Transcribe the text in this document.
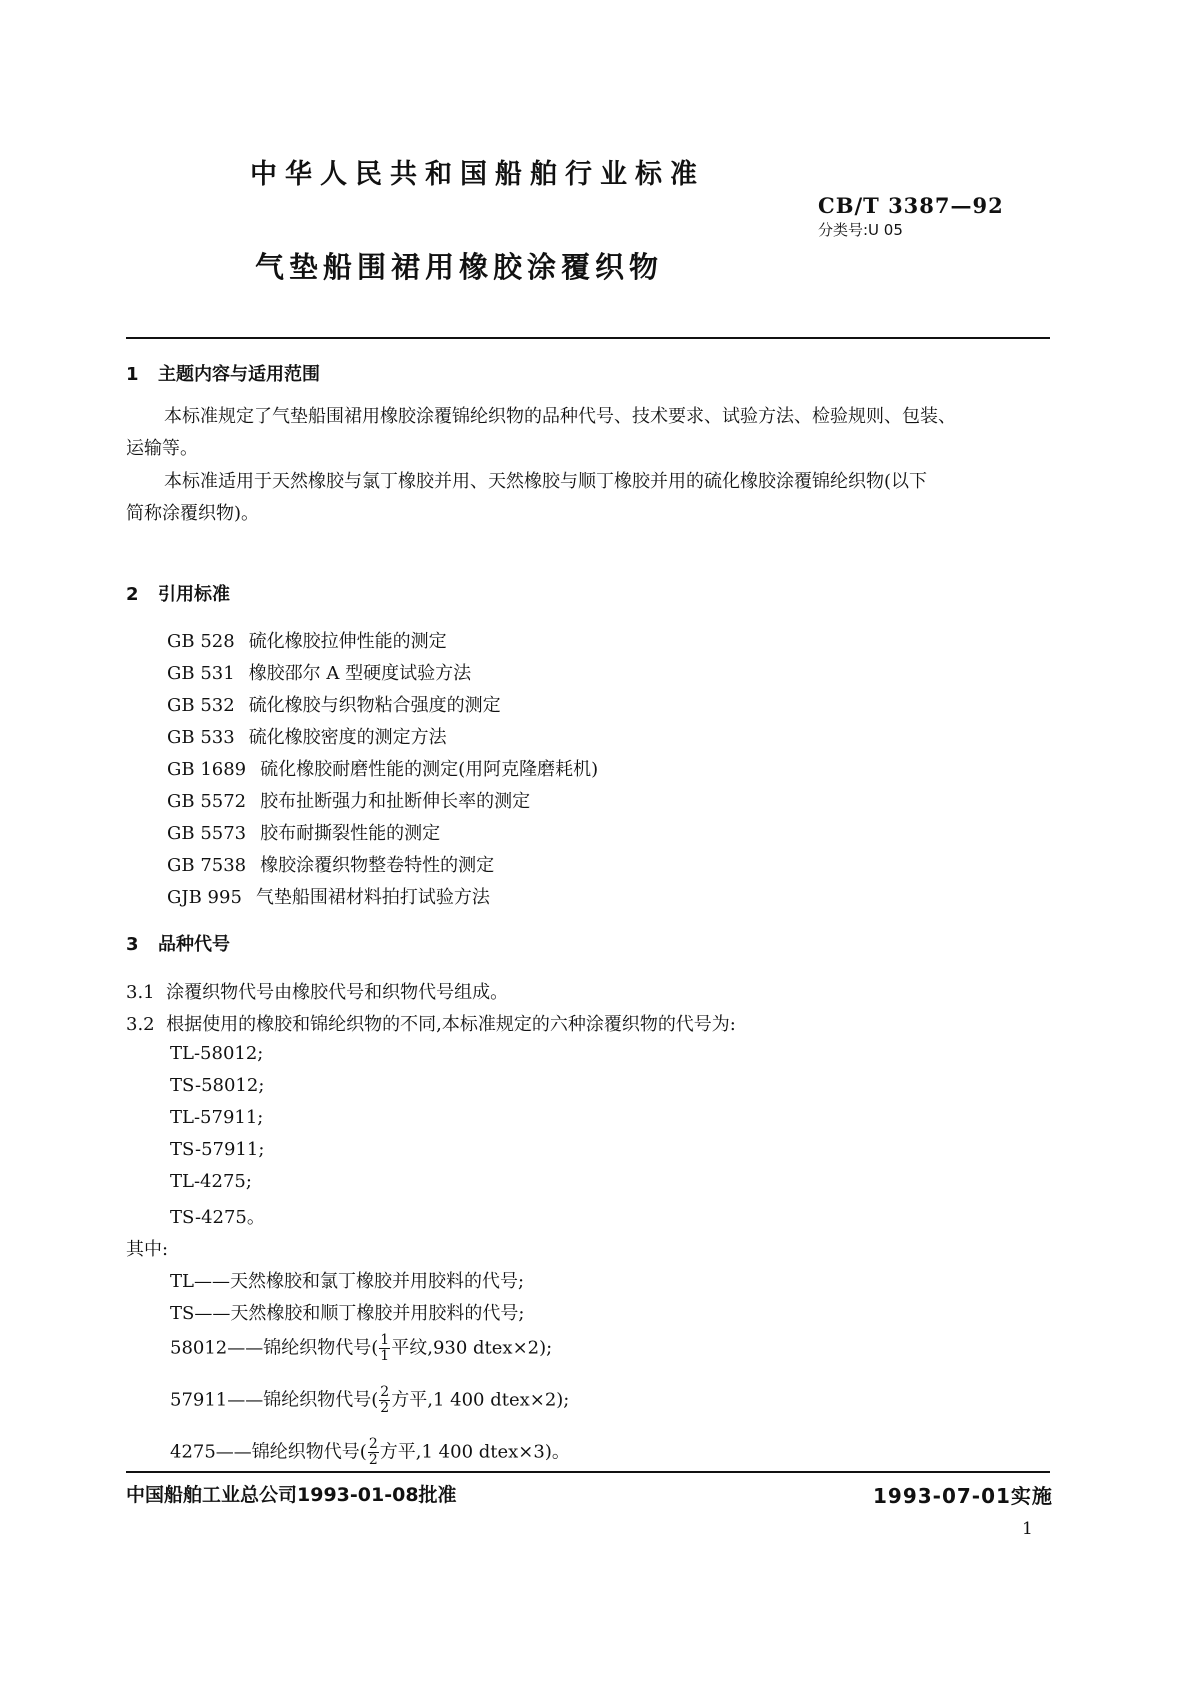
中华人民共和国船舶行业标准
CB/T 3387—92
分类号:U 05
气垫船围裙用橡胶涂覆织物
1 主题内容与适用范围
本标准规定了气垫船围裙用橡胶涂覆锦纶织物的品种代号、技术要求、试验方法、检验规则、包装、
运输等。
本标准适用于天然橡胶与氯丁橡胶并用、天然橡胶与顺丁橡胶并用的硫化橡胶涂覆锦纶织物(以下
简称涂覆织物)。
2 引用标准
GB 528 硫化橡胶拉伸性能的测定
GB 531 橡胶邵尔 A 型硬度试验方法
GB 532 硫化橡胶与织物粘合强度的测定
GB 533 硫化橡胶密度的测定方法
GB 1689 硫化橡胶耐磨性能的测定(用阿克隆磨耗机)
GB 5572 胶布扯断强力和扯断伸长率的测定
GB 5573 胶布耐撕裂性能的测定
GB 7538 橡胶涂覆织物整卷特性的测定
GJB 995 气垫船围裙材料拍打试验方法
3 品种代号
3.1 涂覆织物代号由橡胶代号和织物代号组成。
3.2 根据使用的橡胶和锦纶织物的不同,本标准规定的六种涂覆织物的代号为:
TL-58012;
TS-58012;
TL-57911;
TS-57911;
TL-4275;
TS-4275。
其中:
TL——天然橡胶和氯丁橡胶并用胶料的代号;
TS——天然橡胶和顺丁橡胶并用胶料的代号;
58012——锦纶织物代号( $\frac{1}{1}$ 平纹,930 dtex×2);
57911——锦纶织物代号( $\frac{2}{2}$ 方平,1 400 dtex×2);
4275——锦纶织物代号( $\frac{2}{2}$ 方平,1 400 dtex×3)。
中国船舶工业总公司1993-01-08批准	1993-07-01实施
1
